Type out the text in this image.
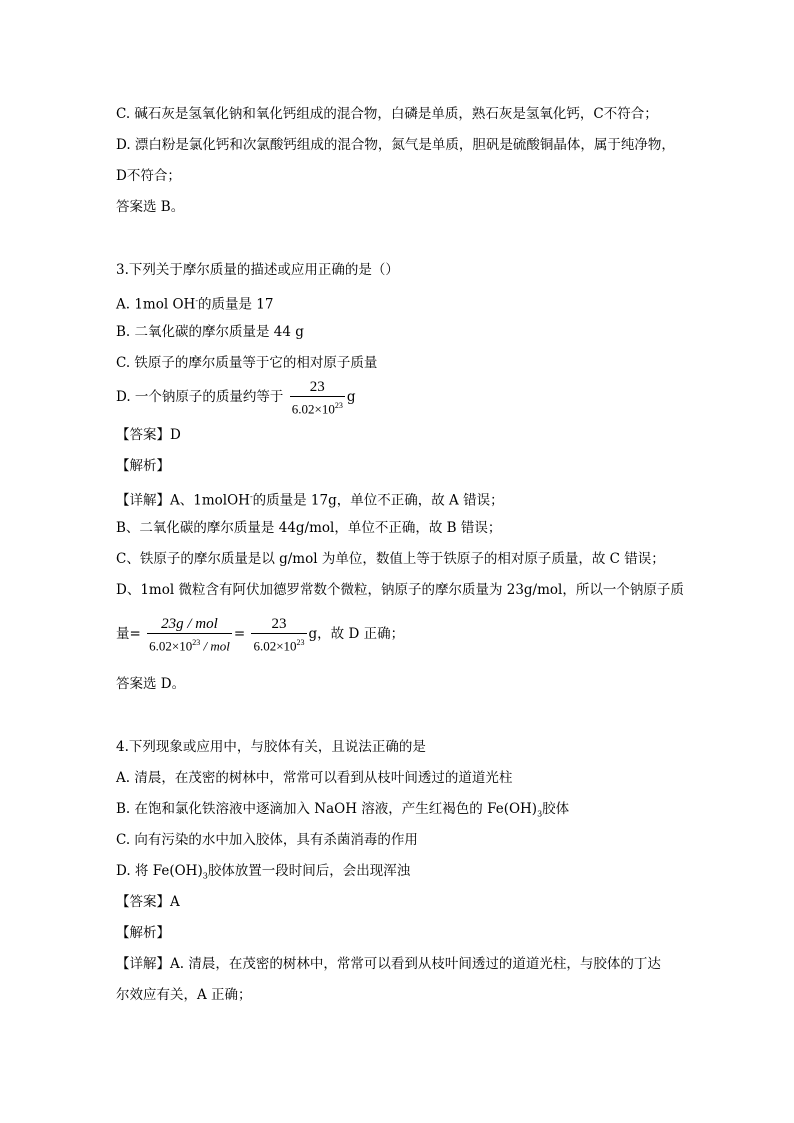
C. 碱石灰是氢氧化钠和氧化钙组成的混合物，白磷是单质，熟石灰是氢氧化钙，C不符合；
D. 漂白粉是氯化钙和次氯酸钙组成的混合物，氮气是单质，胆矾是硫酸铜晶体，属于纯净物，
D不符合；
答案选 B。
3.下列关于摩尔质量的描述或应用正确的是（）
A. 1mol OH-的质量是 17
B. 二氧化碳的摩尔质量是 44 g
C. 铁原子的摩尔质量等于它的相对原子质量
D. 一个钠原子的质量约等于 $\frac{23}{6.02\times 10^{23}}$ g
【答案】D
【解析】
【详解】A、1molOH-的质量是 17g，单位不正确，故 A 错误；
B、二氧化碳的摩尔质量是 44g/mol，单位不正确，故 B 错误；
C、铁原子的摩尔质量是以 g/mol 为单位，数值上等于铁原子的相对原子质量，故 C 错误；
D、1mol 微粒含有阿伏加德罗常数个微粒，钠原子的摩尔质量为 23g/mol，所以一个钠原子质
量= $\frac{\text{23g / mol}}{6.02\times 10^{23} / mol} = \frac{23}{6.02\times 10^{23}}$ g，故 D 正确；
答案选 D。
4.下列现象或应用中，与胶体有关，且说法正确的是
A. 清晨，在茂密的树林中，常常可以看到从枝叶间透过的道道光柱
B. 在饱和氯化铁溶液中逐滴加入 NaOH 溶液，产生红褐色的 $Fe(OH)_3$胶体
C. 向有污染的水中加入胶体，具有杀菌消毒的作用
D. 将 $Fe(OH)_3$胶体放置一段时间后，会出现浑浊
【答案】A
【解析】
【详解】A. 清晨，在茂密的树林中，常常可以看到从枝叶间透过的道道光柱，与胶体的丁达
尔效应有关，A 正确；
